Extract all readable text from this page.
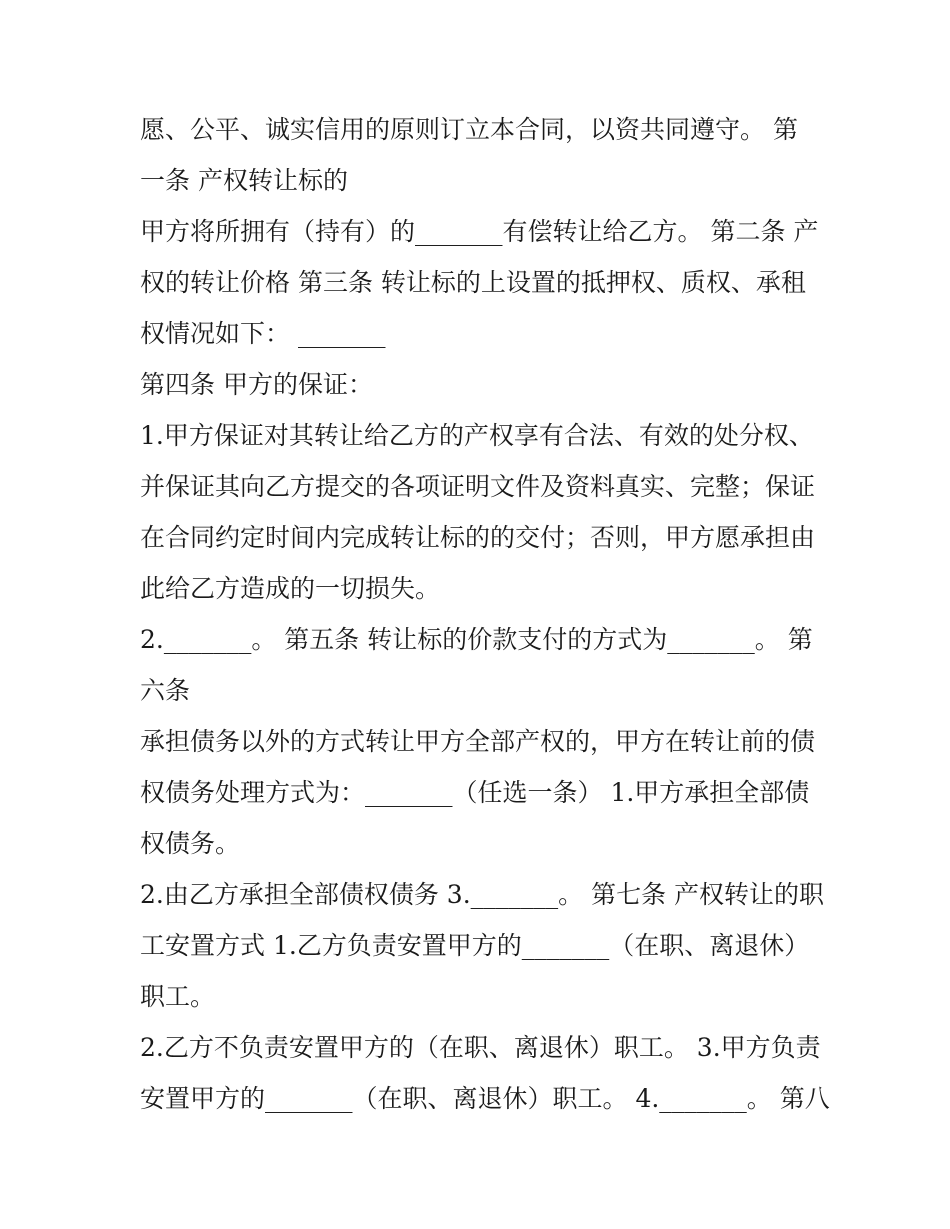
愿、公平、诚实信用的原则订立本合同，以资共同遵守。 第
一条 产权转让标的
甲方将所拥有（持有）的_______有偿转让给乙方。 第二条 产
权的转让价格 第三条 转让标的上设置的抵押权、质权、承租
权情况如下： _______
第四条 甲方的保证：
1.甲方保证对其转让给乙方的产权享有合法、有效的处分权、
并保证其向乙方提交的各项证明文件及资料真实、完整；保证
在合同约定时间内完成转让标的的交付；否则，甲方愿承担由
此给乙方造成的一切损失。
2._______。 第五条 转让标的价款支付的方式为_______。 第
六条
承担债务以外的方式转让甲方全部产权的，甲方在转让前的债
权债务处理方式为：_______（任选一条） 1.甲方承担全部债
权债务。
2.由乙方承担全部债权债务 3._______。 第七条 产权转让的职
工安置方式 1.乙方负责安置甲方的_______（在职、离退休）
职工。
2.乙方不负责安置甲方的（在职、离退休）职工。 3.甲方负责
安置甲方的_______（在职、离退休）职工。 4._______。 第八
